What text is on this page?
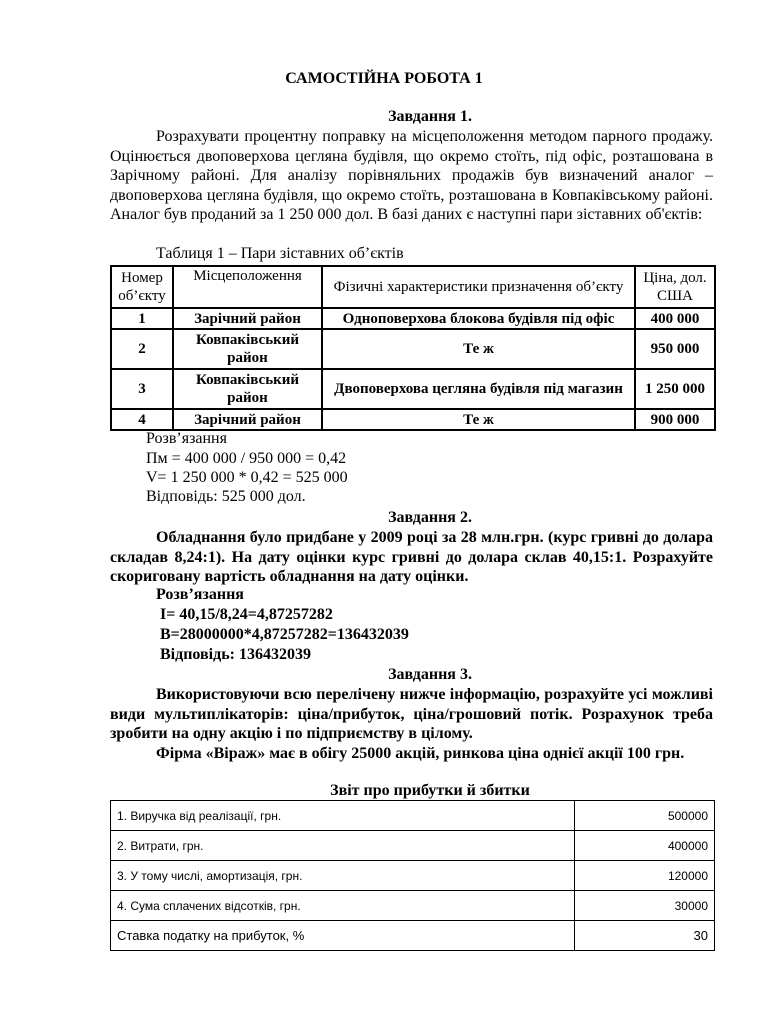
САМОСТІЙНА РОБОТА 1
Завдання 1.
Розрахувати процентну поправку на місцеположення методом парного продажу. Оцінюється двоповерхова цегляна будівля, що окремо стоїть, під офіс, розташована в Зарічному районі. Для аналізу порівняльних продажів був визначений аналог – двоповерхова цегляна будівля, що окремо стоїть, розташована в Ковпаківському районі. Аналог був проданий за 1 250 000 дол. В базі даних є наступні пари зіставних об'єктів:
Таблиця 1 – Пари зіставних об’єктів
Номер об’єкту	Місцеположення	Фізичні характеристики призначення об’єкту	Ціна, дол. США
1	Зарічний район	Одноповерхова блокова будівля під офіс	400 000
2	Ковпаківський район	Те ж	950 000
3	Ковпаківський район	Двоповерхова цегляна будівля під магазин	1 250 000
4	Зарічний район	Те ж	900 000
Розв’язання
Пм = 400 000 / 950 000 = 0,42
V= 1 250 000 * 0,42 = 525 000
Відповідь: 525 000 дол.
Завдання 2.
Обладнання було придбане у 2009 році за 28 млн.грн. (курс гривні до долара складав 8,24:1). На дату оцінки курс гривні до долара склав 40,15:1. Розрахуйте скориговану вартість обладнання на дату оцінки.
Розв’язання
I= 40,15/8,24=4,87257282
B=28000000*4,87257282=136432039
Відповідь: 136432039
Завдання 3.
Використовуючи всю перелічену нижче інформацію, розрахуйте усі можливі види мультиплікаторів: ціна/прибуток, ціна/грошовий потік. Розрахунок треба зробити на одну акцію і по підприємству в цілому.
Фірма «Віраж» має в обігу 25000 акцій, ринкова ціна однієї акції 100 грн.
Звіт про прибутки й збитки
1. Виручка від реалізації, грн.	500000
2. Витрати, грн.	400000
3. У тому числі, амортизація, грн.	120000
4. Сума сплачених відсотків, грн.	30000
Ставка податку на прибуток, %	30
